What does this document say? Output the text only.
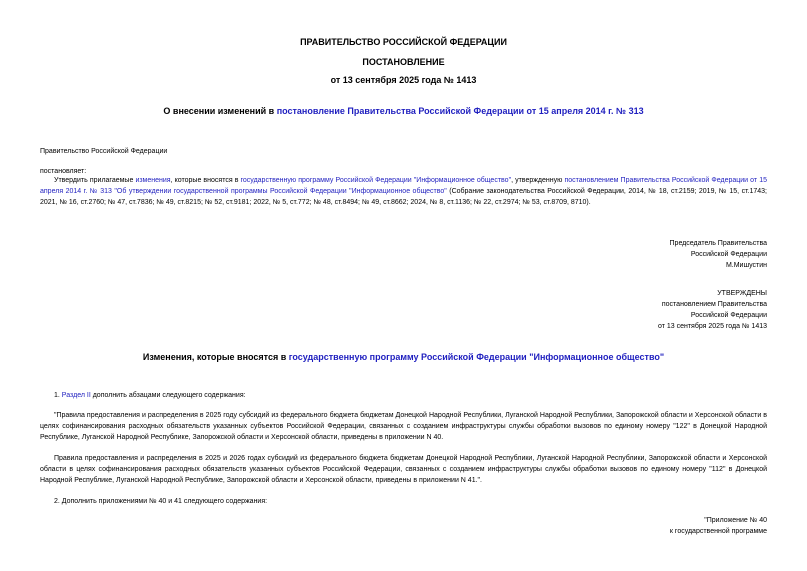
ПРАВИТЕЛЬСТВО РОССИЙСКОЙ ФЕДЕРАЦИИ
ПОСТАНОВЛЕНИЕ
от 13 сентября 2025 года № 1413
О внесении изменений в постановление Правительства Российской Федерации от 15 апреля 2014 г. № 313
Правительство Российской Федерации
постановляет:
Утвердить прилагаемые изменения, которые вносятся в государственную программу Российской Федерации "Информационное общество", утвержденную постановлением Правительства Российской Федерации от 15 апреля 2014 г. № 313 "Об утверждении государственной программы Российской Федерации "Информационное общество" (Собрание законодательства Российской Федерации, 2014, № 18, ст.2159; 2019, № 15, ст.1743; 2021, № 16, ст.2760; № 47, ст.7836; № 49, ст.8215; № 52, ст.9181; 2022, № 5, ст.772; № 48, ст.8494; № 49, ст.8662; 2024, № 8, ст.1136; № 22, ст.2974; № 53, ст.8709, 8710).
Председатель Правительства
Российской Федерации
М.Мишустин
УТВЕРЖДЕНЫ
постановлением Правительства
Российской Федерации
от 13 сентября 2025 года № 1413
Изменения, которые вносятся в государственную программу Российской Федерации "Информационное общество"
1. Раздел II дополнить абзацами следующего содержания:
"Правила предоставления и распределения в 2025 году субсидий из федерального бюджета бюджетам Донецкой Народной Республики, Луганской Народной Республики, Запорожской области и Херсонской области в целях софинансирования расходных обязательств указанных субъектов Российской Федерации, связанных с созданием инфраструктуры службы обработки вызовов по единому номеру "122" в Донецкой Народной Республике, Луганской Народной Республике, Запорожской области и Херсонской области, приведены в приложении N 40.
Правила предоставления и распределения в 2025 и 2026 годах субсидий из федерального бюджета бюджетам Донецкой Народной Республики, Луганской Народной Республики, Запорожской области и Херсонской области в целях софинансирования расходных обязательств указанных субъектов Российской Федерации, связанных с созданием инфраструктуры службы обработки вызовов по единому номеру "112" в Донецкой Народной Республике, Луганской Народной Республике, Запорожской области и Херсонской области, приведены в приложении N 41.".
2. Дополнить приложениями № 40 и 41 следующего содержания:
"Приложение № 40
к государственной программе
